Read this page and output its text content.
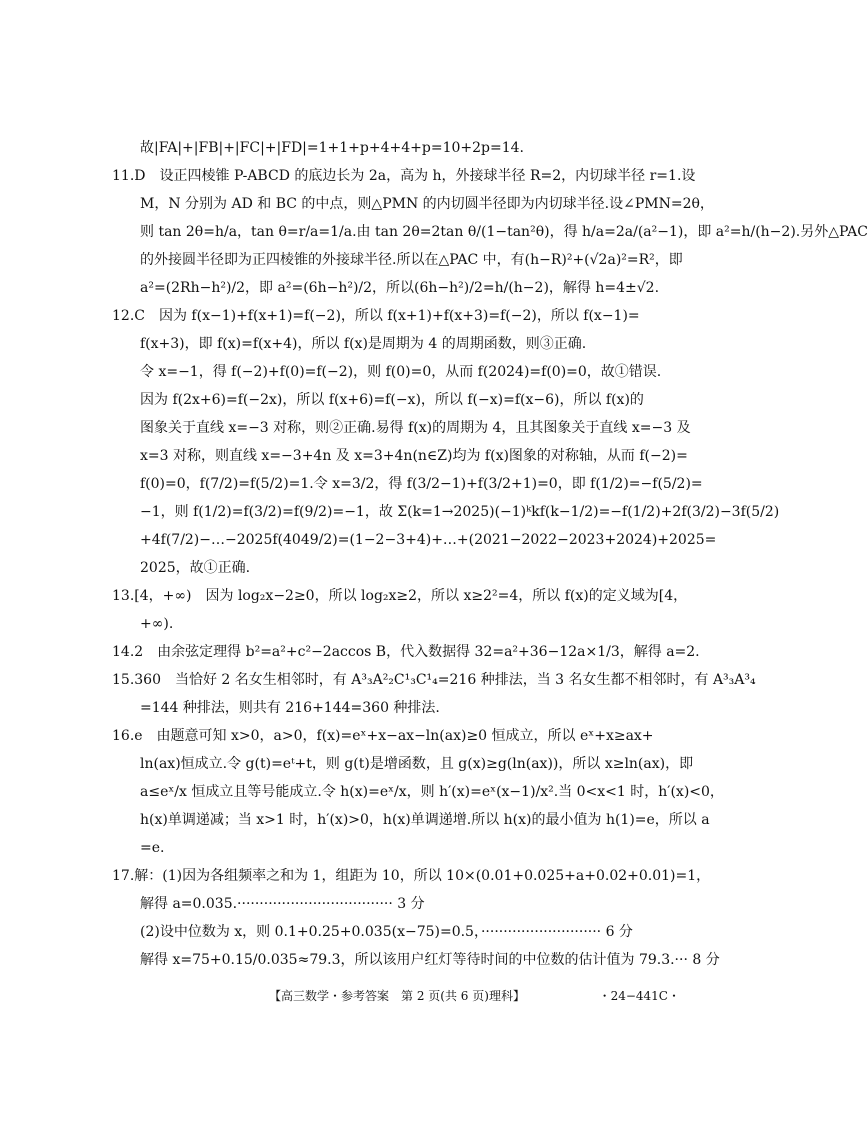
　　故|FA|+|FB|+|FC|+|FD|=1+1+p+4+4+p=10+2p=14.
11.D　设正四棱锥 P-ABCD 的底边长为 2a，高为 h，外接球半径 R=2，内切球半径 r=1.设
　　M，N 分别为 AD 和 BC 的中点，则△PMN 的内切圆半径即为内切球半径.设∠PMN=2θ，
　　则 tan 2θ=h/a，tan θ=r/a=1/a.由 tan 2θ=2tan θ/(1−tan²θ)，得 h/a=2a/(a²−1)，即 a²=h/(h−2).另外△PAC
　　的外接圆半径即为正四棱锥的外接球半径.所以在△PAC 中，有(h−R)²+(√2a)²=R²，即
　　a²=(2Rh−h²)/2，即 a²=(6h−h²)/2，所以(6h−h²)/2=h/(h−2)，解得 h=4±√2.
12.C　因为 f(x−1)+f(x+1)=f(−2)，所以 f(x+1)+f(x+3)=f(−2)，所以 f(x−1)=
　　f(x+3)，即 f(x)=f(x+4)，所以 f(x)是周期为 4 的周期函数，则③正确.
　　令 x=−1，得 f(−2)+f(0)=f(−2)，则 f(0)=0，从而 f(2024)=f(0)=0，故①错误.
　　因为 f(2x+6)=f(−2x)，所以 f(x+6)=f(−x)，所以 f(−x)=f(x−6)，所以 f(x)的
　　图象关于直线 x=−3 对称，则②正确.易得 f(x)的周期为 4，且其图象关于直线 x=−3 及
　　x=3 对称，则直线 x=−3+4n 及 x=3+4n(n∈Z)均为 f(x)图象的对称轴，从而 f(−2)=
　　f(0)=0，f(7/2)=f(5/2)=1.令 x=3/2，得 f(3/2−1)+f(3/2+1)=0，即 f(1/2)=−f(5/2)=
　　−1，则 f(1/2)=f(3/2)=f(9/2)=−1，故 Σ(k=1→2025)(−1)ᵏkf(k−1/2)=−f(1/2)+2f(3/2)−3f(5/2)
　　+4f(7/2)−…−2025f(4049/2)=(1−2−3+4)+…+(2021−2022−2023+2024)+2025=
　　2025，故①正确.
13.[4，+∞)　因为 log₂x−2≥0，所以 log₂x≥2，所以 x≥2²=4，所以 f(x)的定义域为[4，
　　+∞).
14.2　由余弦定理得 b²=a²+c²−2accos B，代入数据得 32=a²+36−12a×1/3，解得 a=2.
15.360　当恰好 2 名女生相邻时，有 A³₃A²₂C¹₃C¹₄=216 种排法，当 3 名女生都不相邻时，有 A³₃A³₄
　　=144 种排法，则共有 216+144=360 种排法.
16.e　由题意可知 x>0，a>0，f(x)=eˣ+x−ax−ln(ax)≥0 恒成立，所以 eˣ+x≥ax+
　　ln(ax)恒成立.令 g(t)=eᵗ+t，则 g(t)是增函数，且 g(x)≥g(ln(ax))，所以 x≥ln(ax)，即
　　a≤eˣ/x 恒成立且等号能成立.令 h(x)=eˣ/x，则 h′(x)=eˣ(x−1)/x².当 0<x<1 时，h′(x)<0，
　　h(x)单调递减；当 x>1 时，h′(x)>0，h(x)单调递增.所以 h(x)的最小值为 h(1)=e，所以 a
　　=e.
17.解：(1)因为各组频率之和为 1，组距为 10，所以 10×(0.01+0.025+a+0.02+0.01)=1，
　　解得 a=0.035.··································· 3 分
　　(2)设中位数为 x，则 0.1+0.25+0.035(x−75)=0.5，··························· 6 分
　　解得 x=75+0.15/0.035≈79.3，所以该用户红灯等待时间的中位数的估计值为 79.3.··· 8 分
【高三数学・参考答案　第 2 页(共 6 页)理科】	・24−441C・
